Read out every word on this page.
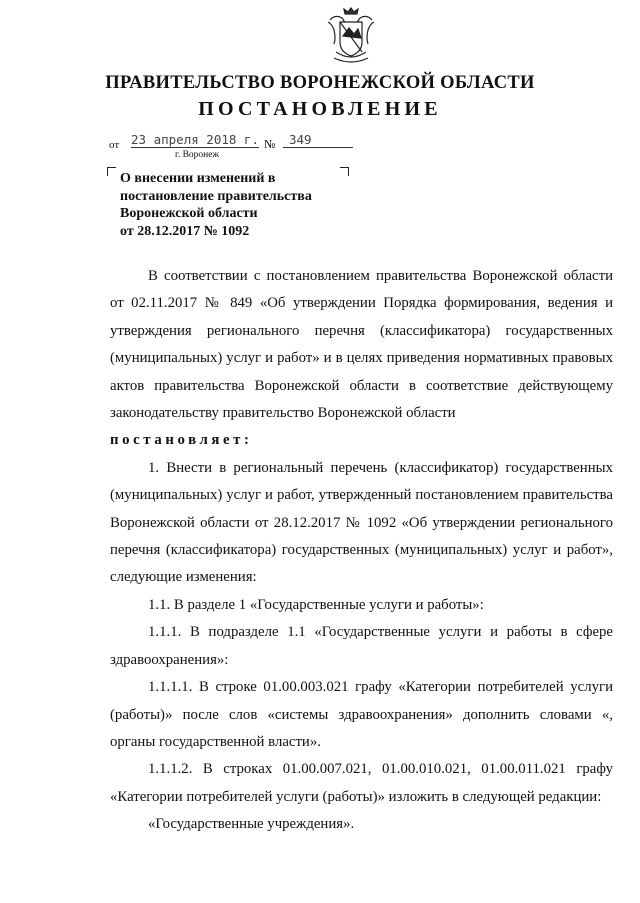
ПРАВИТЕЛЬСТВО ВОРОНЕЖСКОЙ ОБЛАСТИ
ПОСТАНОВЛЕНИЕ
от 23 апреля 2018 г. №	349
г. Воронеж
О внесении изменений в
постановление правительства
Воронежской области
от 28.12.2017 № 1092

В соответствии с постановлением правительства Воронежской области от 02.11.2017 № 849 «Об утверждении Порядка формирования, ведения и утверждения регионального перечня (классификатора) государственных (муниципальных) услуг и работ» и в целях приведения нормативных правовых актов правительства Воронежской области в соответствие действующему законодательству правительство Воронежской области

постановляет:

1. Внести в региональный перечень (классификатор) государственных (муниципальных) услуг и работ, утвержденный постановлением правительства Воронежской области от 28.12.2017 № 1092 «Об утверждении регионального перечня (классификатора) государственных (муниципальных) услуг и работ», следующие изменения:

1.1. В разделе 1 «Государственные услуги и работы»:

1.1.1. В подразделе 1.1 «Государственные услуги и работы в сфере здравоохранения»:

1.1.1.1. В строке 01.00.003.021 графу «Категории потребителей услуги (работы)» после слов «системы здравоохранения» дополнить словами «, органы государственной власти».

1.1.1.2. В строках 01.00.007.021, 01.00.010.021, 01.00.011.021 графу «Категории потребителей услуги (работы)» изложить в следующей редакции:

«Государственные учреждения».
